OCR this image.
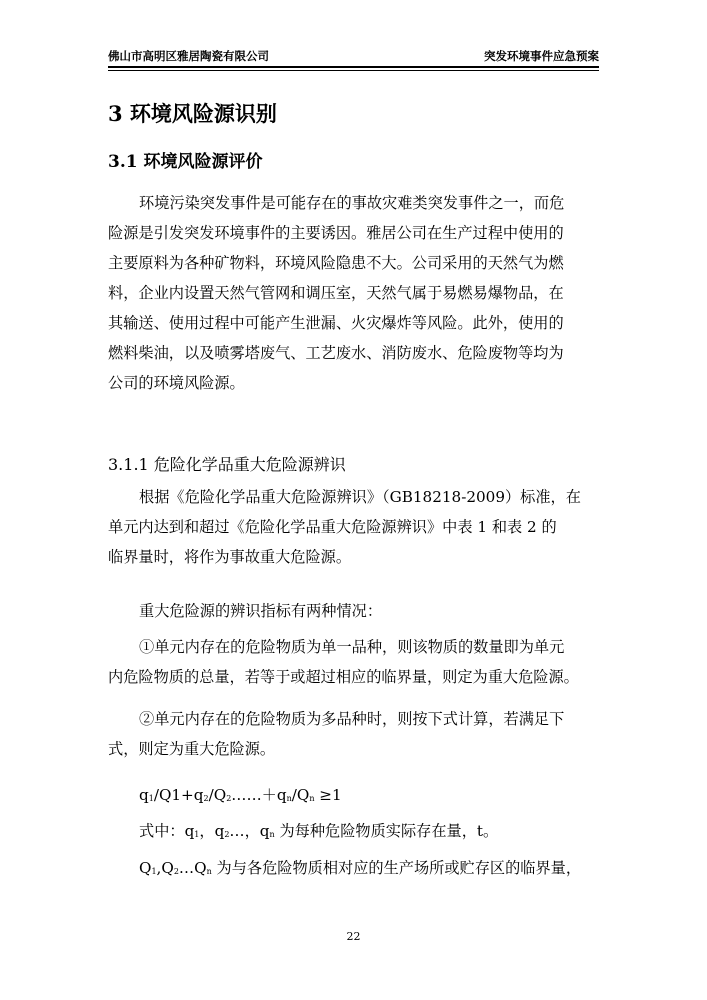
佛山市高明区雅居陶瓷有限公司	突发环境事件应急预案
3 环境风险源识别
3.1 环境风险源评价
环境污染突发事件是可能存在的事故灾难类突发事件之一，而危
险源是引发突发环境事件的主要诱因。雅居公司在生产过程中使用的
主要原料为各种矿物料，环境风险隐患不大。公司采用的天然气为燃
料，企业内设置天然气管网和调压室，天然气属于易燃易爆物品，在
其输送、使用过程中可能产生泄漏、火灾爆炸等风险。此外，使用的
燃料柴油，以及喷雾塔废气、工艺废水、消防废水、危险废物等均为
公司的环境风险源。
3.1.1 危险化学品重大危险源辨识
根据《危险化学品重大危险源辨识》（GB18218-2009）标准，在
单元内达到和超过《危险化学品重大危险源辨识》中表 1 和表 2 的
临界量时，将作为事故重大危险源。
重大危险源的辨识指标有两种情况：
①单元内存在的危险物质为单一品种，则该物质的数量即为单元
内危险物质的总量，若等于或超过相应的临界量，则定为重大危险源。
②单元内存在的危险物质为多品种时，则按下式计算，若满足下
式，则定为重大危险源。
$q_1/Q1+q_2/Q_2\dots\dots+q_n/Q_n \ge 1$
式中：$q_1$，$q_2\dots$，$q_n$ 为每种危险物质实际存在量，t。
$Q_1,Q_2\dots Q_n$ 为与各危险物质相对应的生产场所或贮存区的临界量，
22
